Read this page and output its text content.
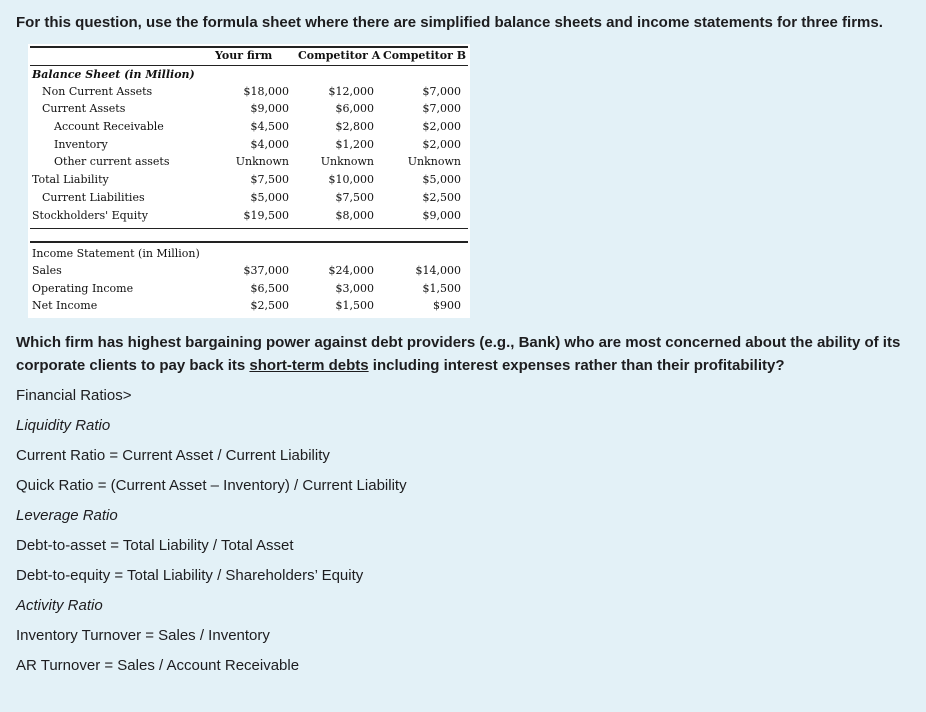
For this question, use the formula sheet where there are simplified balance sheets and income statements for three firms.
Your firm Competitor A Competitor B
Balance Sheet (in Million)
Non Current Assets	$18,000	$12,000	$7,000
Current Assets	$9,000	$6,000	$7,000
Account Receivable	$4,500	$2,800	$2,000
Inventory	$4,000	$1,200	$2,000
Other current assets	Unknown	Unknown	Unknown
Total Liability	$7,500	$10,000	$5,000
Current Liabilities	$5,000	$7,500	$2,500
Stockholders' Equity	$19,500	$8,000	$9,000
Income Statement (in Million)
Sales	$37,000	$24,000	$14,000
Operating Income	$6,500	$3,000	$1,500
Net Income	$2,500	$1,500	$900
Which firm has highest bargaining power against debt providers (e.g., Bank) who are most concerned about the ability of its corporate clients to pay back its short-term debts including interest expenses rather than their profitability?
Financial Ratios>
Liquidity Ratio
Current Ratio = Current Asset / Current Liability
Quick Ratio = (Current Asset – Inventory) / Current Liability
Leverage Ratio
Debt-to-asset = Total Liability / Total Asset
Debt-to-equity = Total Liability / Shareholders’ Equity
Activity Ratio
Inventory Turnover = Sales / Inventory
AR Turnover = Sales / Account Receivable
